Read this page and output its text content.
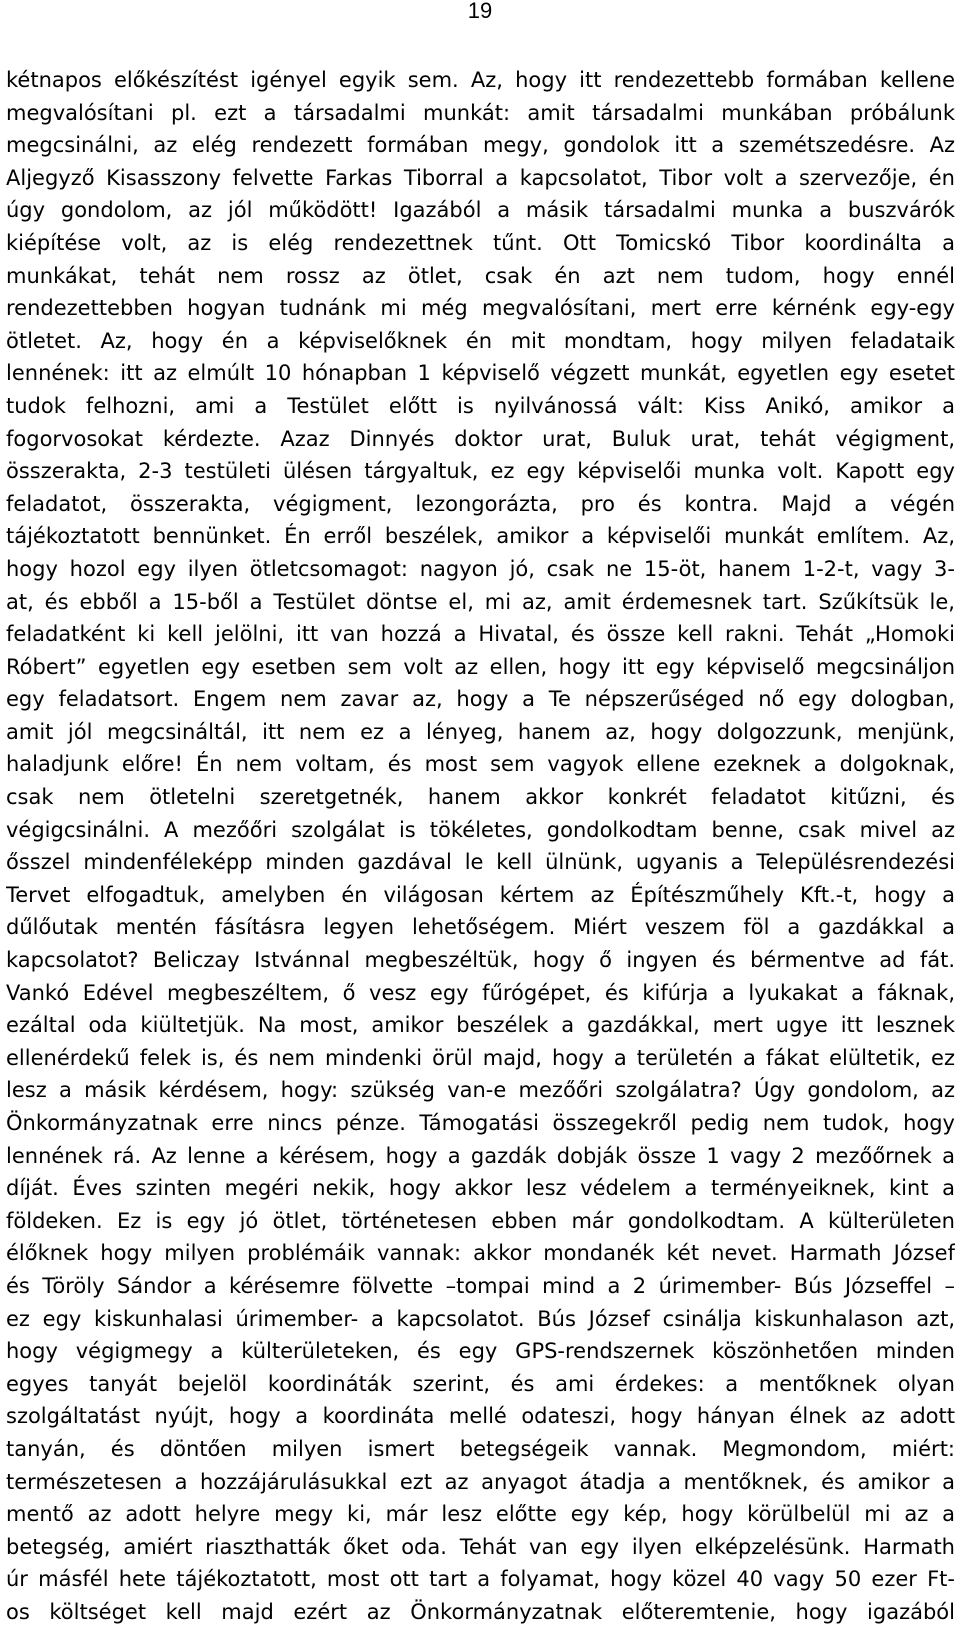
19
kétnapos előkészítést igényel egyik sem. Az, hogy itt rendezettebb formában kellene
megvalósítani pl. ezt a társadalmi munkát: amit társadalmi munkában próbálunk
megcsinálni, az elég rendezett formában megy, gondolok itt a szemétszedésre. Az
Aljegyző Kisasszony felvette Farkas Tiborral a kapcsolatot, Tibor volt a szervezője, én
úgy gondolom, az jól működött! Igazából a másik társadalmi munka a buszvárók
kiépítése volt, az is elég rendezettnek tűnt. Ott Tomicskó Tibor koordinálta a
munkákat, tehát nem rossz az ötlet, csak én azt nem tudom, hogy ennél
rendezettebben hogyan tudnánk mi még megvalósítani, mert erre kérnénk egy-egy
ötletet. Az, hogy én a képviselőknek én mit mondtam, hogy milyen feladataik
lennének: itt az elmúlt 10 hónapban 1 képviselő végzett munkát, egyetlen egy esetet
tudok felhozni, ami a Testület előtt is nyilvánossá vált: Kiss Anikó, amikor a
fogorvosokat kérdezte. Azaz Dinnyés doktor urat, Buluk urat, tehát végigment,
összerakta, 2-3 testületi ülésen tárgyaltuk, ez egy képviselői munka volt. Kapott egy
feladatot, összerakta, végigment, lezongorázta, pro és kontra. Majd a végén
tájékoztatott bennünket. Én erről beszélek, amikor a képviselői munkát említem. Az,
hogy hozol egy ilyen ötletcsomagot: nagyon jó, csak ne 15-öt, hanem 1-2-t, vagy 3-
at, és ebből a 15-ből a Testület döntse el, mi az, amit érdemesnek tart. Szűkítsük le,
feladatként ki kell jelölni, itt van hozzá a Hivatal, és össze kell rakni. Tehát „Homoki
Róbert” egyetlen egy esetben sem volt az ellen, hogy itt egy képviselő megcsináljon
egy feladatsort. Engem nem zavar az, hogy a Te népszerűséged nő egy dologban,
amit jól megcsináltál, itt nem ez a lényeg, hanem az, hogy dolgozzunk, menjünk,
haladjunk előre! Én nem voltam, és most sem vagyok ellene ezeknek a dolgoknak,
csak nem ötletelni szeretgetnék, hanem akkor konkrét feladatot kitűzni, és
végigcsinálni. A mezőőri szolgálat is tökéletes, gondolkodtam benne, csak mivel az
ősszel mindenféleképp minden gazdával le kell ülnünk, ugyanis a Településrendezési
Tervet elfogadtuk, amelyben én világosan kértem az Építészműhely Kft.-t, hogy a
dűlőutak mentén fásításra legyen lehetőségem. Miért veszem föl a gazdákkal a
kapcsolatot? Beliczay Istvánnal megbeszéltük, hogy ő ingyen és bérmentve ad fát.
Vankó Edével megbeszéltem, ő vesz egy fűrógépet, és kifúrja a lyukakat a fáknak,
ezáltal oda kiültetjük. Na most, amikor beszélek a gazdákkal, mert ugye itt lesznek
ellenérdekű felek is, és nem mindenki örül majd, hogy a területén a fákat elültetik, ez
lesz a másik kérdésem, hogy: szükség van-e mezőőri szolgálatra? Úgy gondolom, az
Önkormányzatnak erre nincs pénze. Támogatási összegekről pedig nem tudok, hogy
lennének rá. Az lenne a kérésem, hogy a gazdák dobják össze 1 vagy 2 mezőőrnek a
díját. Éves szinten megéri nekik, hogy akkor lesz védelem a terményeiknek, kint a
földeken. Ez is egy jó ötlet, történetesen ebben már gondolkodtam. A külterületen
élőknek hogy milyen problémáik vannak: akkor mondanék két nevet. Harmath József
és Töröly Sándor a kérésemre fölvette –tompai mind a 2 úrimember- Bús Józseffel –
ez egy kiskunhalasi úrimember- a kapcsolatot. Bús József csinálja kiskunhalason azt,
hogy végigmegy a külterületeken, és egy GPS-rendszernek köszönhetően minden
egyes tanyát bejelöl koordináták szerint, és ami érdekes: a mentőknek olyan
szolgáltatást nyújt, hogy a koordináta mellé odateszi, hogy hányan élnek az adott
tanyán, és döntően milyen ismert betegségeik vannak. Megmondom, miért:
természetesen a hozzájárulásukkal ezt az anyagot átadja a mentőknek, és amikor a
mentő az adott helyre megy ki, már lesz előtte egy kép, hogy körülbelül mi az a
betegség, amiért riaszthatták őket oda. Tehát van egy ilyen elképzelésünk. Harmath
úr másfél hete tájékoztatott, most ott tart a folyamat, hogy közel 40 vagy 50 ezer Ft-
os költséget kell majd ezért az Önkormányzatnak előteremtenie, hogy igazából
